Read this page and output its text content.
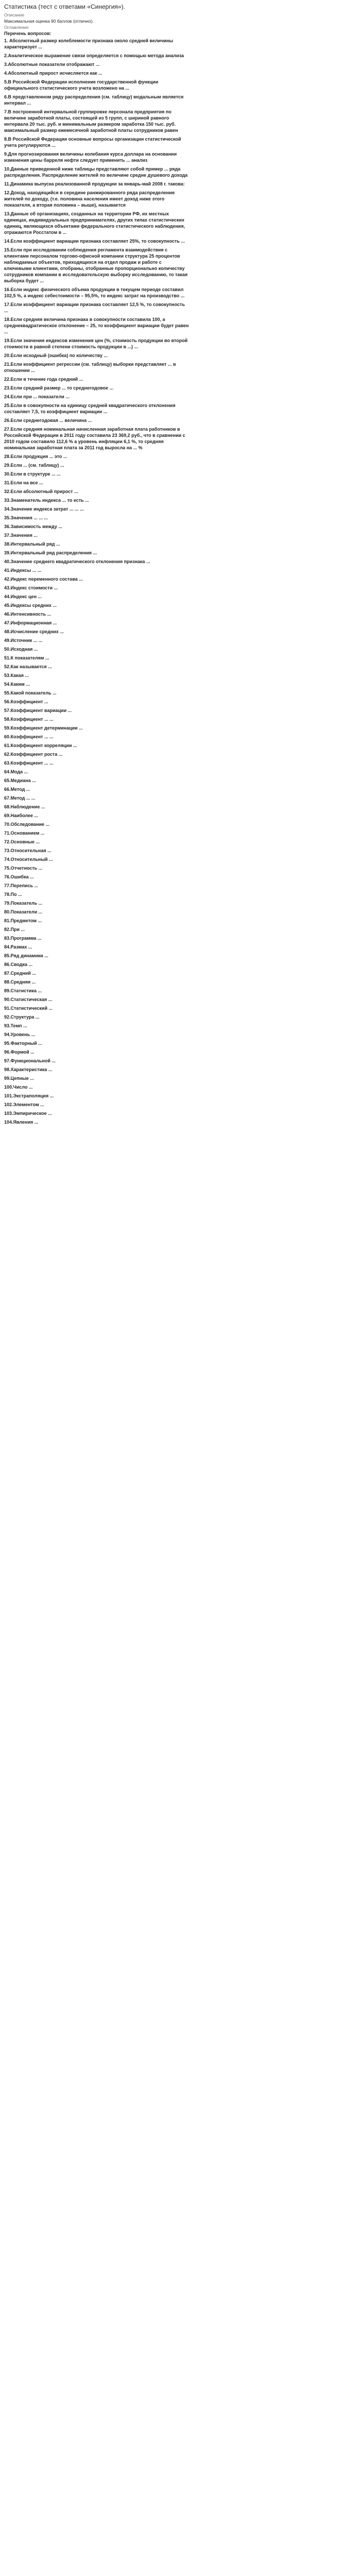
Статистика (тест с ответами «Синергия»).
Описание
Максимальная оценка 90 баллов (отлично).
Оглавление
Перечень вопросов:
1. Абсолютный размер колеблемости признака около средней величины характеризует ...
2.Аналитическое выражение связи определяется с помощью метода анализа
3.Абсолютные показатели отображают ...
4.Абсолютный прирост исчисляется как ...
5.В Российской Федерации исполнение государственной функции официального статистического учета возложено на ...
6.В представленном ряду распределения (см. таблицу) модальным является интервал ...
7.В построенной интервальной группировке персонала предприятия по величине заработной платы, состоящей из 5 групп, с шириной равного интервала 20 тыс. руб. и минимальным размером заработка 150 тыс. руб. максимальный размер ежемесячной заработной платы сотрудников равен
8.В Российской Федерации основные вопросы организации статистической учета регулируются ...
9.Для прогнозирования величины колебания курса доллара на основании изменения цены барреля нефти следует применить ... анализ
10.Данные приведенной ниже таблицы представляют собой пример ... ряда распределения. Распределение жителей по величине средне душевого дохода
11.Динамика выпуска реализованной продукции за январь-май 2008 г. такова:
12.Доход, находящийся в середине ранжированного ряда распределения жителей по доходу, (т.е. половина населения имеет доход ниже этого показателя, а вторая половина – выше), называется
13.Данные об организациях, созданных на территории РФ, их местных единицах, индивидуальных предпринимателях, других типах статистических единиц, являющихся объектами федерального статистического наблюдения, отражаются Росстатом в ...
14.Если коэффициент вариации признака составляет 25%, то совокупность ...
15.Если при исследовании соблюдения регламента взаимодействия с клиентами персоналом торгово-офисной компании структура 25 процентов наблюдаемых объектов, приходящихся на отдел продаж и работе с ключевыми клиентами, отобраны, отобранные пропорционально количеству сотрудников компании в исследовательскую выборку исследованию, то такая выборка будет ...
16.Если индекс физического объема продукции в текущем периоде составил 102,5 %, а индекс себестоимости – 95,5%, то индекс затрат на производство ...
17.Если коэффициент вариации признака составляет 12,5 %, то совокупность ...
18.Если средняя величина признака в совокупности составила 100, а среднеквадратическое отклонение – 25, то коэффициент вариации будет равен ...
19.Если значения индексов изменения цен (%, стоимость продукции во второй стоимости в равной степени стоимость продукции в ...) ...
20.Если исходный (ошибка) по количеству ...
21.Если коэффициент регрессии (см. таблицу) выборки представляет ... в отношении ...
22.Если в течение года средний ...
23.Если средний размер ... то среднегодовое ...
24.Если при ... показатели ...
25.Если в совокупности на единицу средней квадратического отклонения составляет 7,5, то коэффициент вариации ...
26.Если среднегодовая ... величина ...
27.Если средняя номинальная начисленная заработная плата работников в Российской Федерации в 2011 году составила 23 369,2 руб., что в сравнении с 2010 годом составило 112,6 % а уровень инфляции 6,1 %, то средняя номинальная заработная плата за 2011 год выросла на ... %
28.Если продукция ... это ...
29.Если ... (см. таблицу) ...
30.Если в структуре ... ...
31.Если на все ...
32.Если абсолютный прирост ...
33.Знаменатель индекса ... то есть ...
34.Значение индекса затрат ... ... ...
35.Значения ... ... ...
36.Зависимость между ...
37.Значения ...
38.Интервальный ряд ...
39.Интервальный ряд распределения ...
40.Значение среднего квадратического отклонения признака ...
41.Индексы ... ...
42.Индекс переменного состава ...
43.Индекс стоимости ...
44.Индекс цен ...
45.Индексы средних ...
46.Интенсивность ...
47.Информационная ...
48.Исчисление средних ...
49.Источник ... ...
50.Исходная ...
51.К показателям ...
52.Как называется ...
53.Какая ...
54.Каким ...
55.Какой показатель ...
56.Коэффициент ...
57.Коэффициент вариации ...
58.Коэффициент ... ...
59.Коэффициент детерминации ...
60.Коэффициент ... ...
61.Коэффициент корреляции ...
62.Коэффициент роста ...
63.Коэффициент ... ...
64.Мода ...
65.Медиана ...
66.Метод ...
67.Метод ... ...
68.Наблюдение ...
69.Наиболее ...
70.Обследование ...
71.Основанием ...
72.Основные ...
73.Относительная ...
74.Относительный ...
75.Отчетность ...
76.Ошибка ...
77.Перепись ...
78.По ...
79.Показатель ...
80.Показатели ...
81.Предметом ...
82.При ...
83.Программа ...
84.Размах ...
85.Ряд динамики ...
86.Сводка ...
87.Средний ...
88.Средняя ...
89.Статистика ...
90.Статистическая ...
91.Статистический ...
92.Структура ...
93.Темп ...
94.Уровень ...
95.Факторный ...
96.Формой ...
97.Функциональной ...
98.Характеристика ...
99.Цепные ...
100.Число ...
101.Экстраполяция ...
102.Элементом ...
103.Эмпирическое ...
104.Явления ...
